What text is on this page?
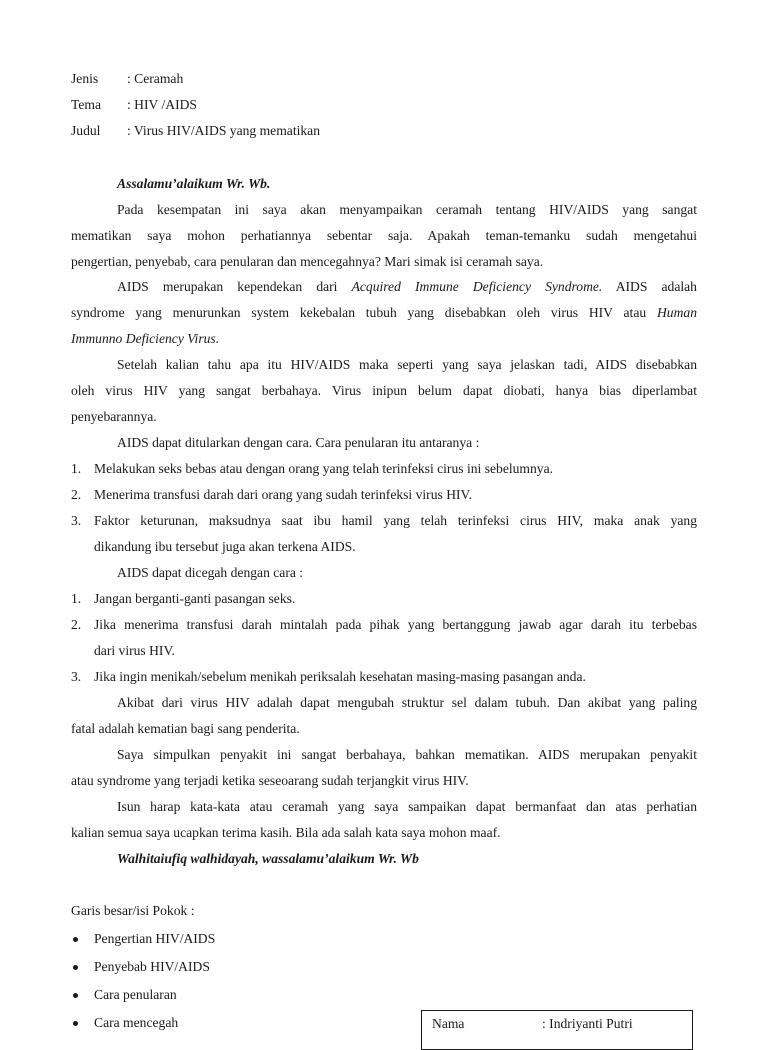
Jenis : Ceramah
Tema : HIV /AIDS
Judul : Virus HIV/AIDS yang mematikan
Assalamu’alaikum Wr. Wb.
Pada kesempatan ini saya akan menyampaikan ceramah tentang HIV/AIDS yang sangat
mematikan saya mohon perhatiannya sebentar saja. Apakah teman-temanku sudah mengetahui
pengertian, penyebab, cara penularan dan mencegahnya? Mari simak isi ceramah saya.
AIDS merupakan kependekan dari Acquired Immune Deficiency Syndrome. AIDS adalah
syndrome yang menurunkan system kekebalan tubuh yang disebabkan oleh virus HIV atau Human
Immunno Deficiency Virus.
Setelah kalian tahu apa itu HIV/AIDS maka seperti yang saya jelaskan tadi, AIDS disebabkan
oleh virus HIV yang sangat berbahaya. Virus inipun belum dapat diobati, hanya bias diperlambat
penyebarannya.
AIDS dapat ditularkan dengan cara. Cara penularan itu antaranya :
1. Melakukan seks bebas atau dengan orang yang telah terinfeksi cirus ini sebelumnya.
2. Menerima transfusi darah dari orang yang sudah terinfeksi virus HIV.
3. Faktor keturunan, maksudnya saat ibu hamil yang telah terinfeksi cirus HIV, maka anak yang
dikandung ibu tersebut juga akan terkena AIDS.
AIDS dapat dicegah dengan cara :
1. Jangan berganti-ganti pasangan seks.
2. Jika menerima transfusi darah mintalah pada pihak yang bertanggung jawab agar darah itu terbebas
dari virus HIV.
3. Jika ingin menikah/sebelum menikah periksalah kesehatan masing-masing pasangan anda.
Akibat dari virus HIV adalah dapat mengubah struktur sel dalam tubuh. Dan akibat yang paling
fatal adalah kematian bagi sang penderita.
Saya simpulkan penyakit ini sangat berbahaya, bahkan mematikan. AIDS merupakan penyakit
atau syndrome yang terjadi ketika seseoarang sudah terjangkit virus HIV.
Isun harap kata-kata atau ceramah yang saya sampaikan dapat bermanfaat dan atas perhatian
kalian semua saya ucapkan terima kasih. Bila ada salah kata saya mohon maaf.
Walhitaiufiq walhidayah, wassalamu’alaikum Wr. Wb
Garis besar/isi Pokok :
Pengertian HIV/AIDS
Penyebab HIV/AIDS
Cara penularan
Cara mencegah	Nama	: Indriyanti Putri
